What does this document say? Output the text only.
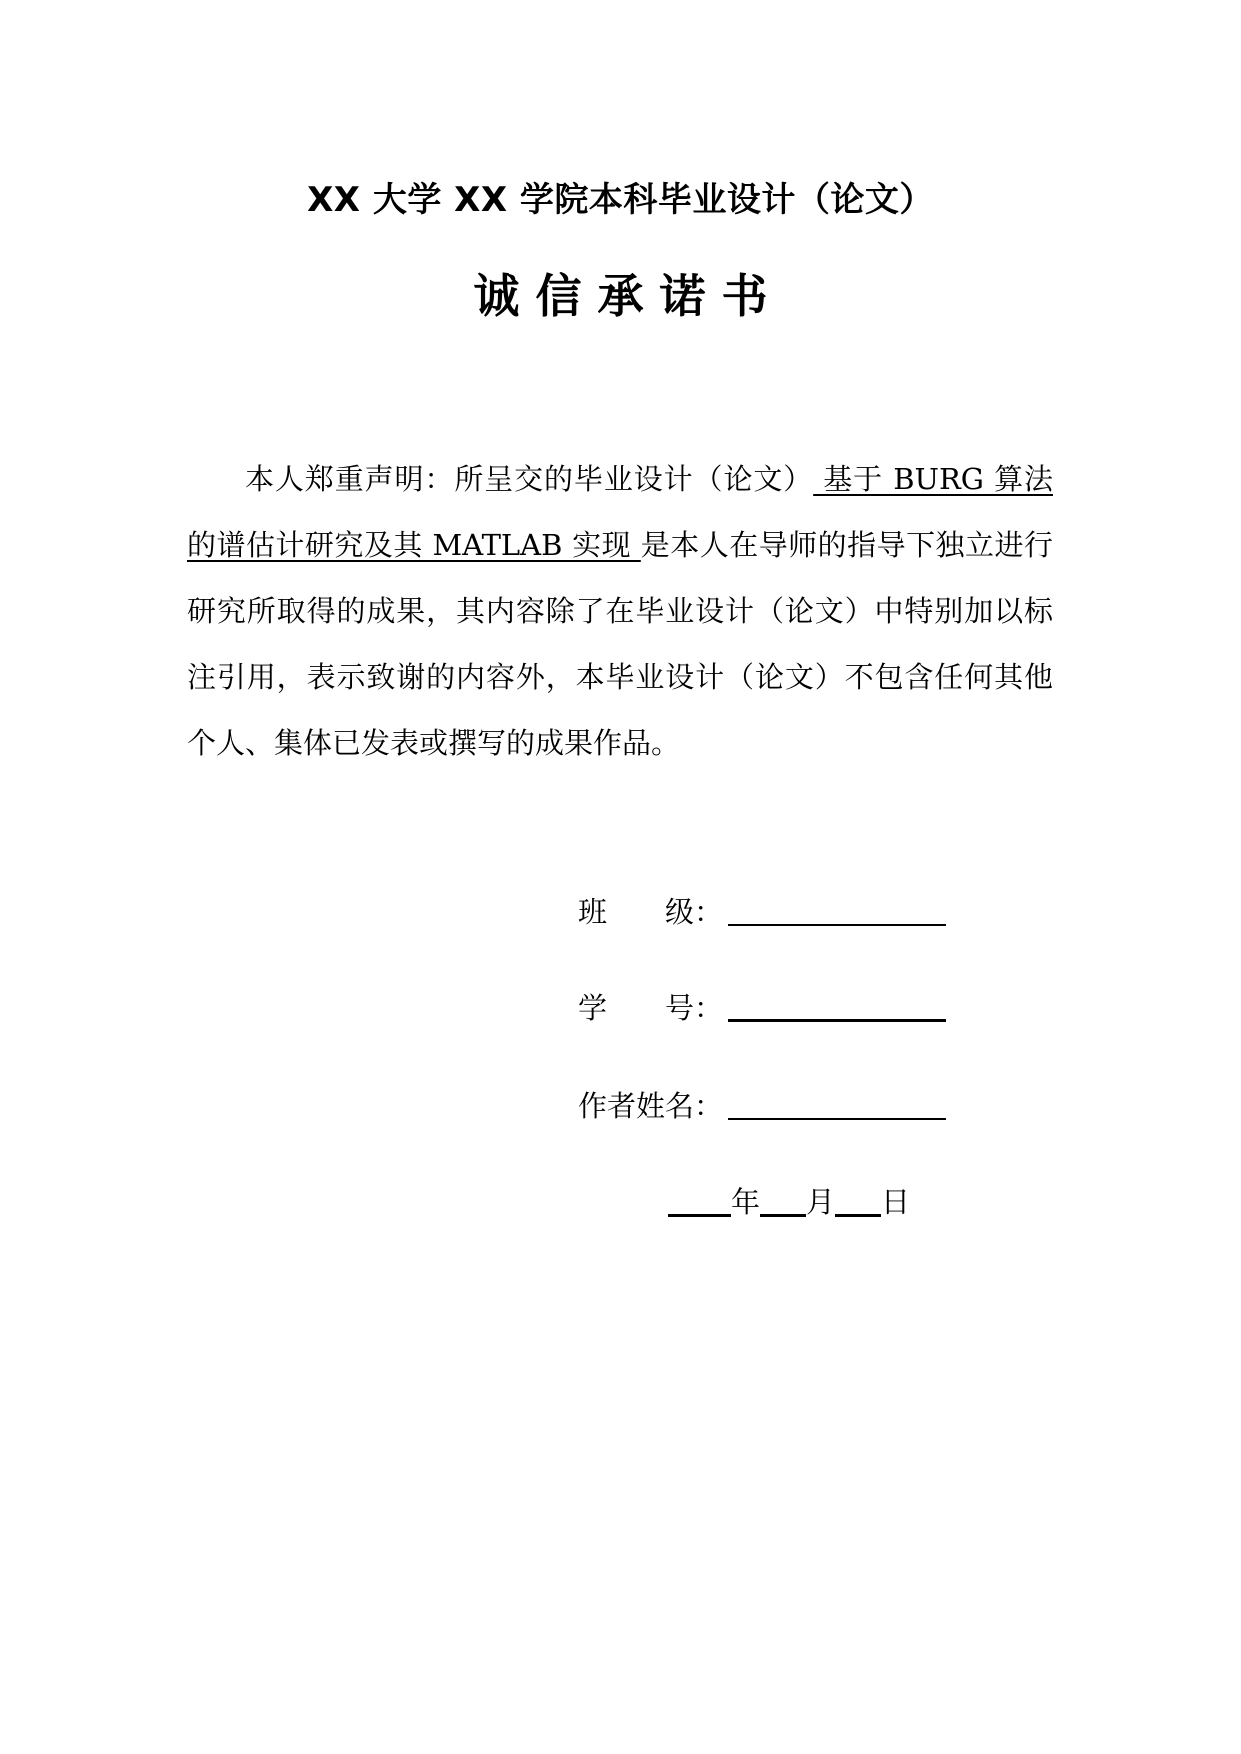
XX 大学 XX 学院本科毕业设计（论文）
诚 信 承 诺 书

本人郑重声明：所呈交的毕业设计（论文） 基于 BURG 算法的谱估计研究及其 MATLAB 实现 是本人在导师的指导下独立进行研究所取得的成果，其内容除了在毕业设计（论文）中特别加以标注引用，表示致谢的内容外，本毕业设计（论文）不包含任何其他个人、集体已发表或撰写的成果作品。

班　　级：
学　　号：
作者姓名：
年 月 日
